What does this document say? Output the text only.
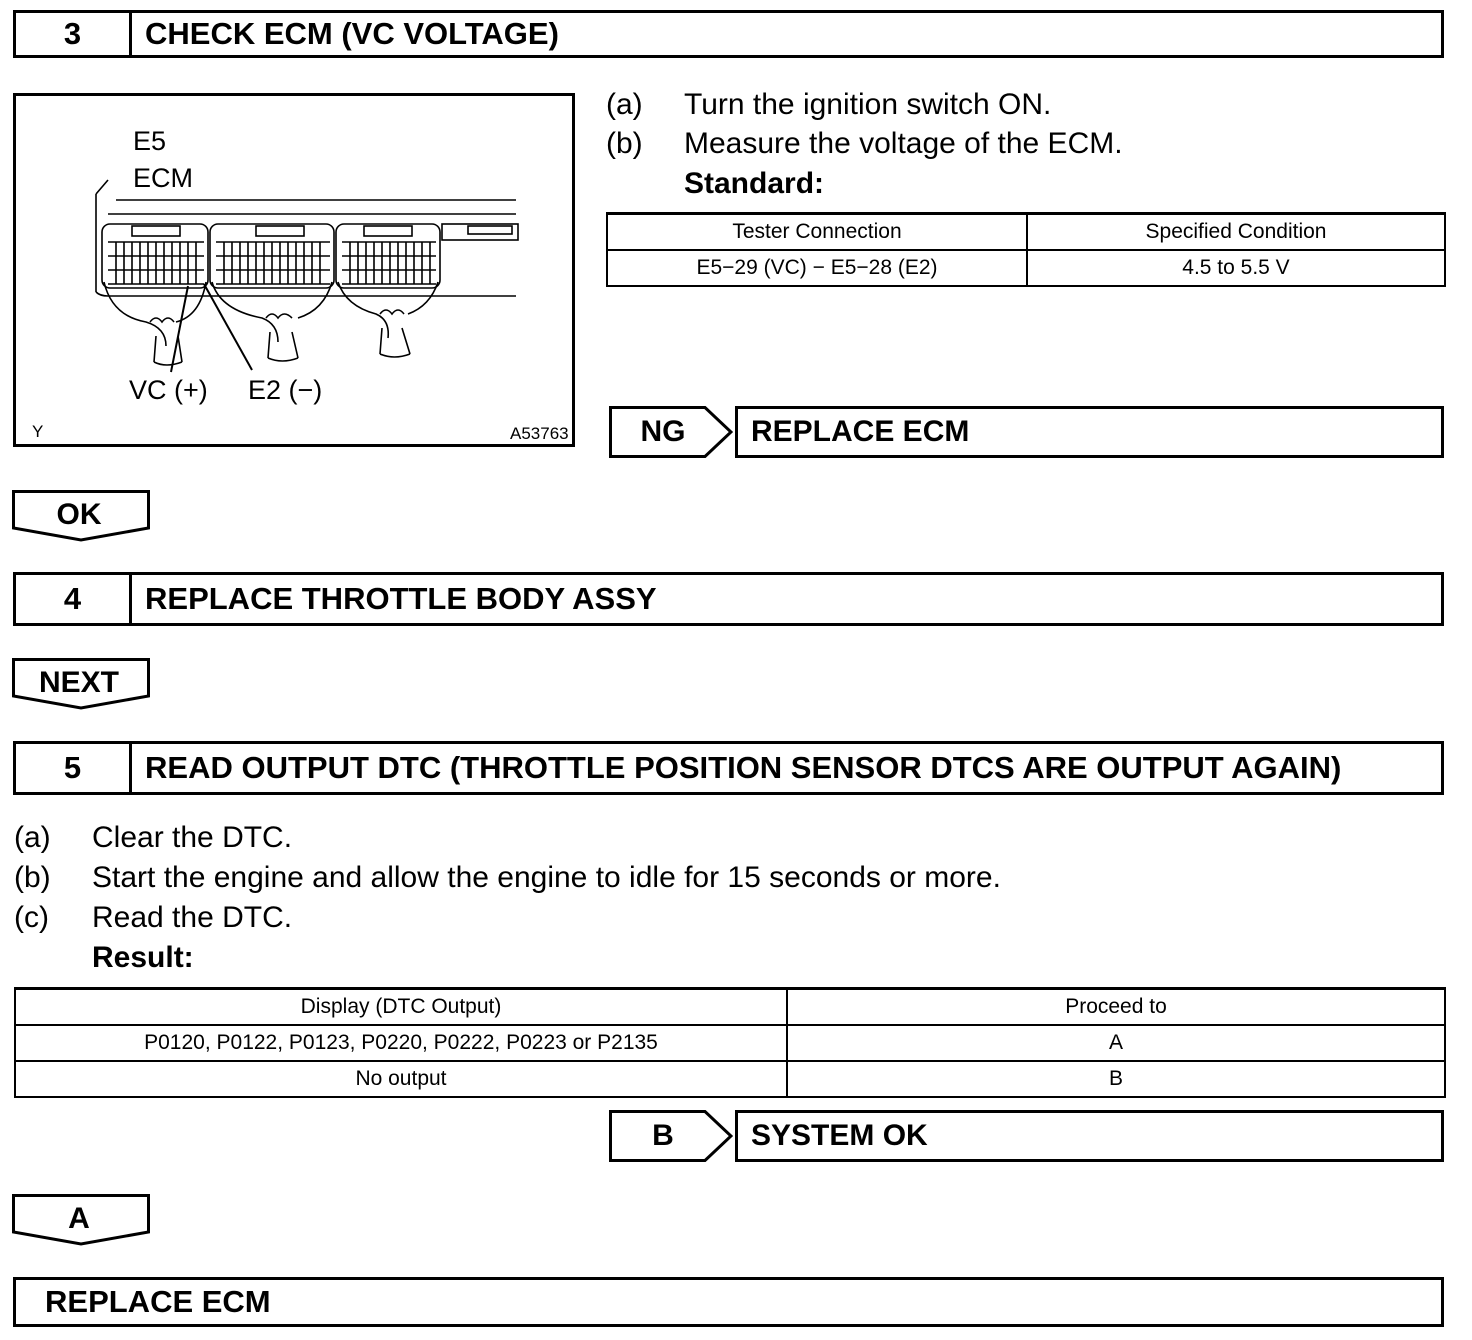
3	CHECK ECM (VC VOLTAGE)
E5
ECM
VC (+) E2 (−)
Y	A53763
(a) Turn the ignition switch ON.
(b) Measure the voltage of the ECM.
Standard:
Tester Connection	Specified Condition
E5−29 (VC) − E5−28 (E2)	4.5 to 5.5 V
NG	REPLACE ECM
OK
4	REPLACE THROTTLE BODY ASSY
NEXT
5	READ OUTPUT DTC (THROTTLE POSITION SENSOR DTCS ARE OUTPUT AGAIN)
(a) Clear the DTC.
(b) Start the engine and allow the engine to idle for 15 seconds or more.
(c) Read the DTC.
Result:
Display (DTC Output)	Proceed to
P0120, P0122, P0123, P0220, P0222, P0223 or P2135	A
No output	B
B	SYSTEM OK
A
REPLACE ECM
